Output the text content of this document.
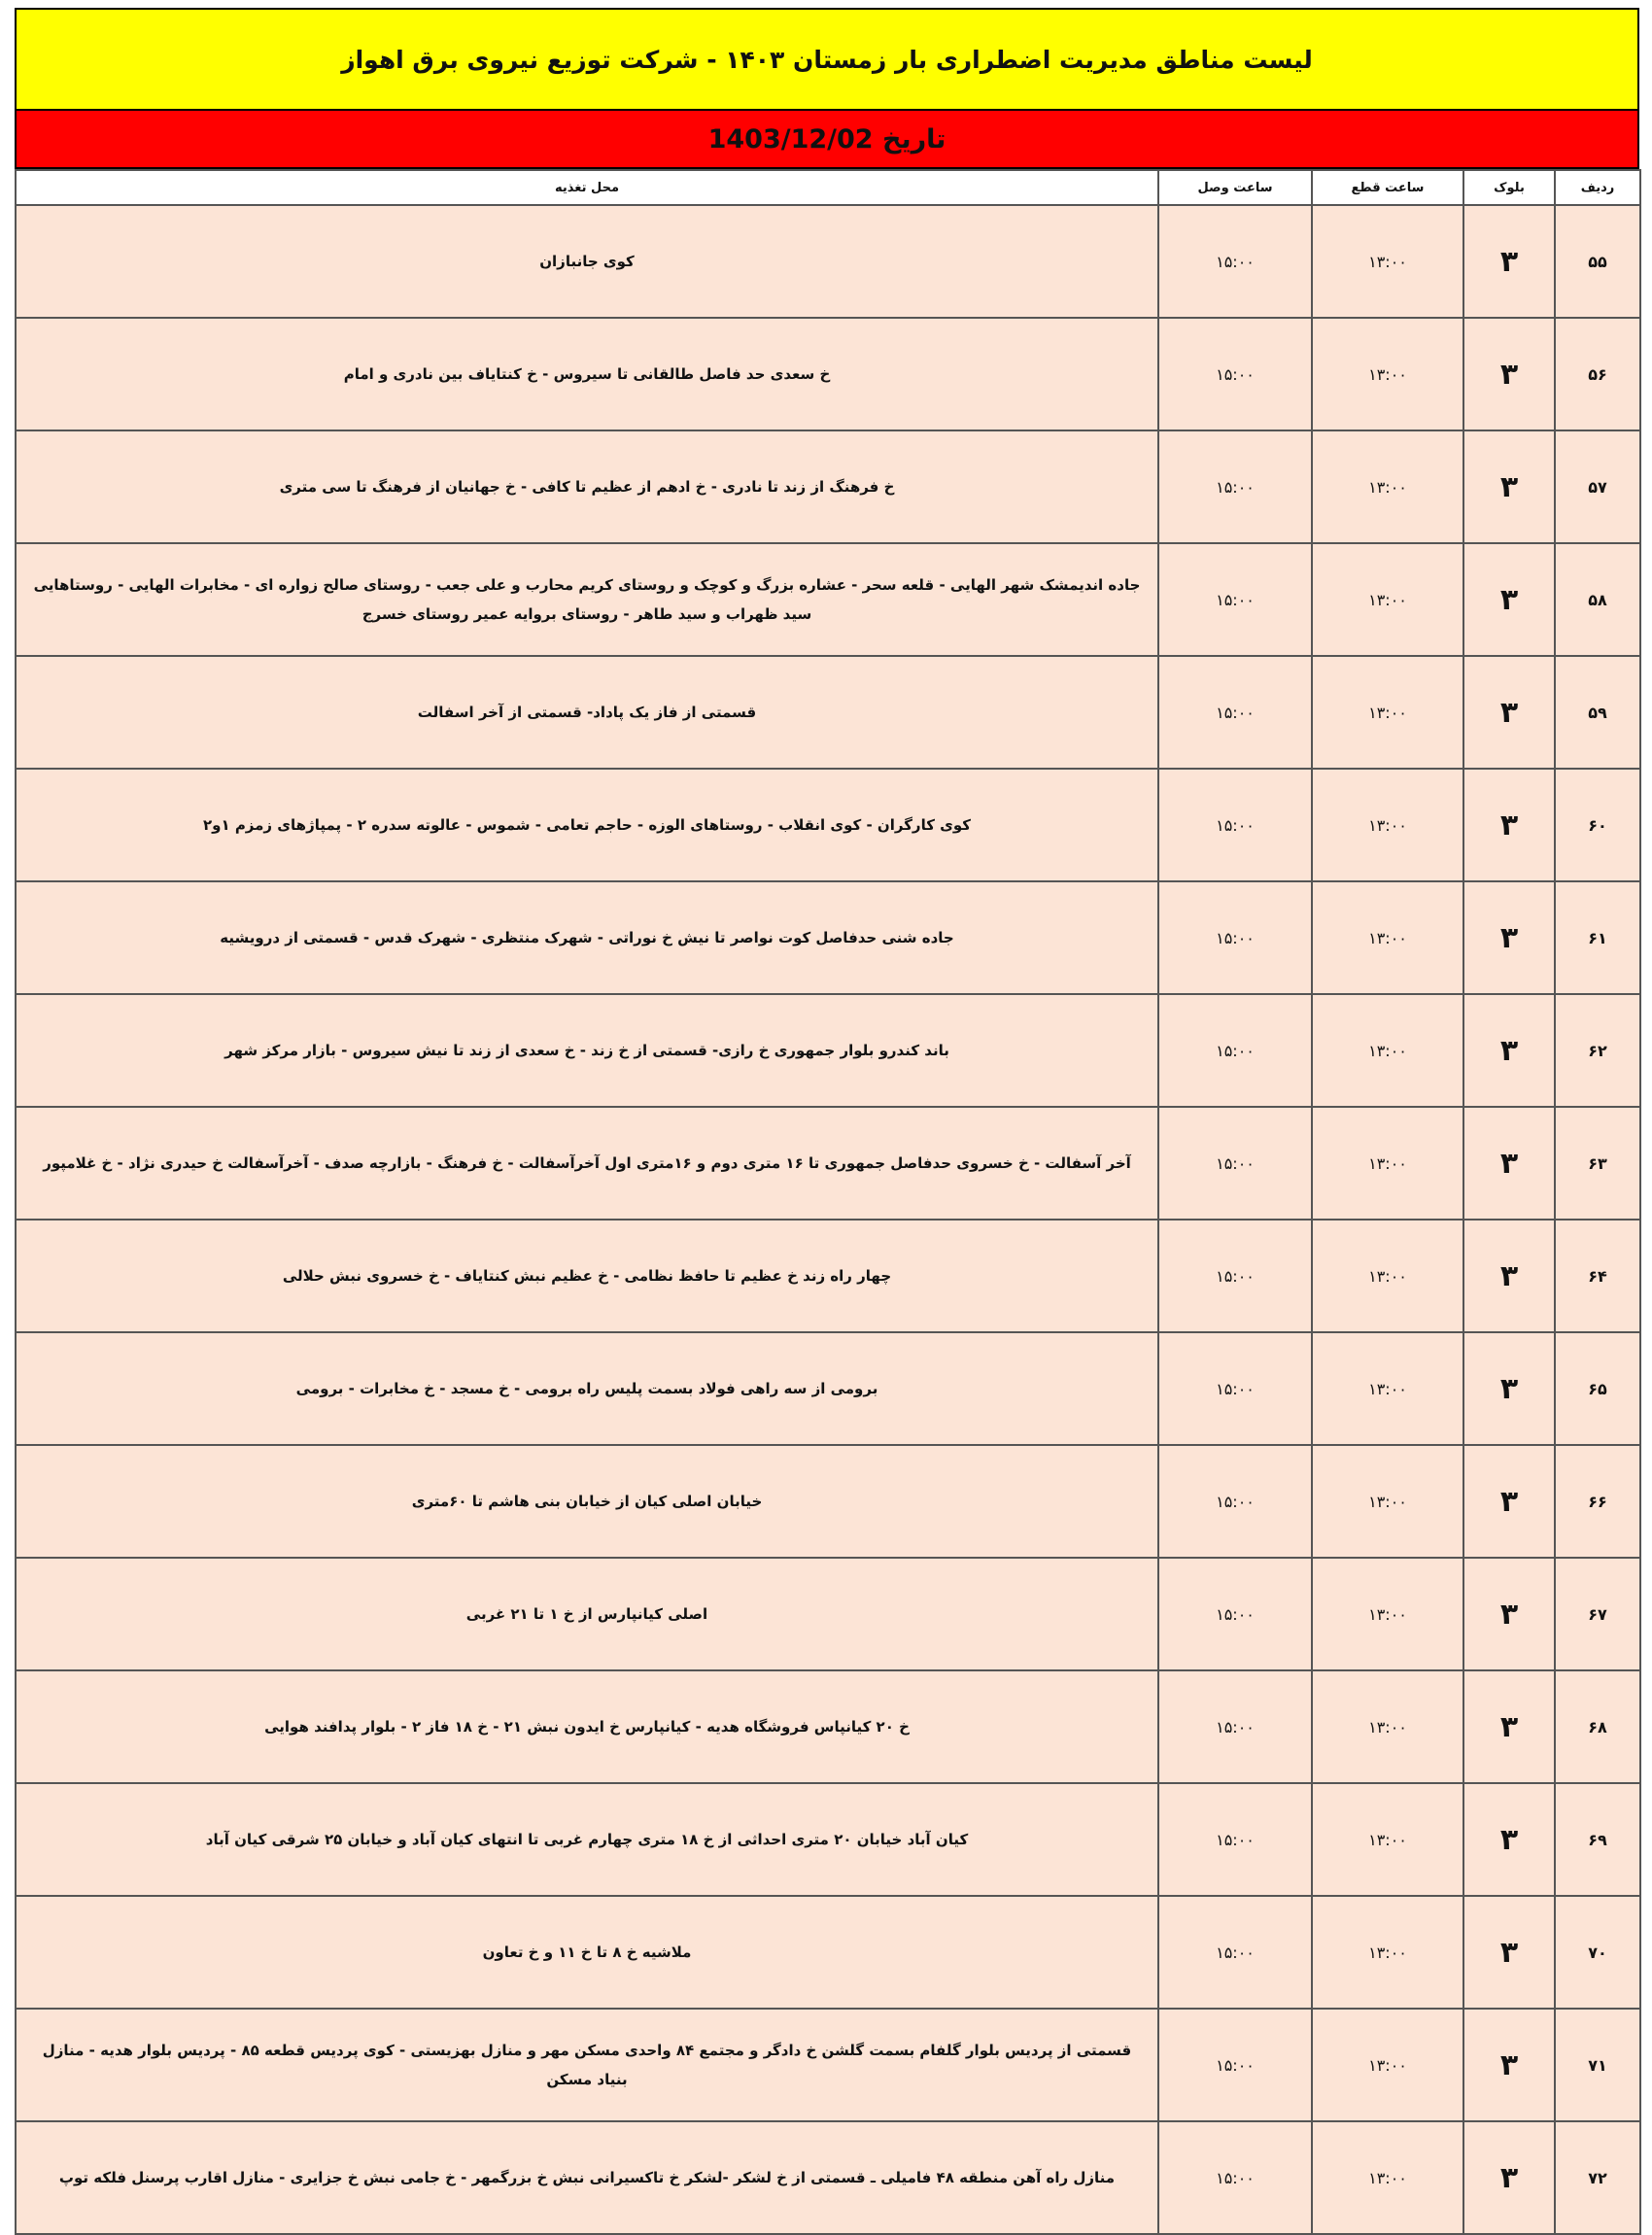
لیست مناطق مدیریت اضطراری بار زمستان ۱۴۰۳ - شرکت توزیع نیروی برق اهواز
تاریخ 1403/12/02
ردیف	بلوک	ساعت قطع	ساعت وصل	محل تغذیه
۵۵	۳	۱۳:۰۰	۱۵:۰۰	کوی جانبازان
۵۶	۳	۱۳:۰۰	۱۵:۰۰	خ سعدی حد فاصل طالقانی تا سیروس - خ کنتایاف بین نادری و امام
۵۷	۳	۱۳:۰۰	۱۵:۰۰	خ فرهنگ از زند تا نادری - خ ادهم از عظیم تا کافی - خ جهانیان از فرهنگ تا سی متری
۵۸	۳	۱۳:۰۰	۱۵:۰۰	جاده اندیمشک شهر الهایی - قلعه سحر - عشاره بزرگ و کوچک و روستای کریم محارب و علی جعب - روستای صالح زواره ای - مخابرات الهایی - روستاهایی سید ظهراب و سید طاهر - روستای بروایه عمیر روستای خسرج
۵۹	۳	۱۳:۰۰	۱۵:۰۰	قسمتی از فاز یک پاداد- قسمتی از آخر اسفالت
۶۰	۳	۱۳:۰۰	۱۵:۰۰	کوی کارگران - کوی انقلاب - روستاهای الوزه - حاجم تعامی - شموس - عالوته سدره ۲ - پمپاژهای زمزم ۱و۲
۶۱	۳	۱۳:۰۰	۱۵:۰۰	جاده شنی حدفاصل کوت نواصر تا نیش خ نوراتی - شهرک منتظری - شهرک قدس - قسمتی از درویشیه
۶۲	۳	۱۳:۰۰	۱۵:۰۰	باند کندرو بلوار جمهوری خ رازی- قسمتی از خ زند - خ سعدی از زند تا نیش سیروس - بازار مرکز شهر
۶۳	۳	۱۳:۰۰	۱۵:۰۰	آخر آسفالت - خ خسروی حدفاصل جمهوری تا ۱۶ متری دوم و ۱۶متری اول آخرآسفالت - خ فرهنگ - بازارچه صدف - آخرآسفالت خ حیدری نژاد - خ غلامپور
۶۴	۳	۱۳:۰۰	۱۵:۰۰	چهار راه زند خ عظیم تا حافظ نظامی - خ عظیم نبش کنتایاف - خ خسروی نبش حلالی
۶۵	۳	۱۳:۰۰	۱۵:۰۰	برومی از سه راهی فولاد بسمت پلیس راه برومی - خ مسجد - خ مخابرات - برومی
۶۶	۳	۱۳:۰۰	۱۵:۰۰	خیابان اصلی کیان از خیابان بنی هاشم تا ۶۰متری
۶۷	۳	۱۳:۰۰	۱۵:۰۰	اصلی کیانپارس از خ ۱ تا ۲۱ غربی
۶۸	۳	۱۳:۰۰	۱۵:۰۰	خ ۲۰ کیانپاس فروشگاه هدیه - کیانپارس خ ایدون نبش ۲۱ - خ ۱۸ فاز ۲ - بلوار پدافند هوایی
۶۹	۳	۱۳:۰۰	۱۵:۰۰	کیان آباد خیابان ۲۰ متری احداثی از خ ۱۸ متری چهارم غربی تا انتهای کیان آباد و خیابان ۲۵ شرقی کیان آباد
۷۰	۳	۱۳:۰۰	۱۵:۰۰	ملاشیه خ ۸ تا خ ۱۱ و خ تعاون
۷۱	۳	۱۳:۰۰	۱۵:۰۰	قسمتی از پردیس بلوار گلفام بسمت گلشن خ دادگر و مجتمع ۸۴ واحدی مسکن مهر و منازل بهزیستی - کوی پردیس قطعه ۸۵ - پردیس بلوار هدیه - منازل بنیاد مسکن
۷۲	۳	۱۳:۰۰	۱۵:۰۰	منازل راه آهن منطقه ۴۸ فامیلی ـ قسمتی از خ لشکر -لشکر خ تاکسیرانی نبش خ بزرگمهر - خ جامی نبش خ جزایری - منازل اقارب پرسنل فلکه توپ
